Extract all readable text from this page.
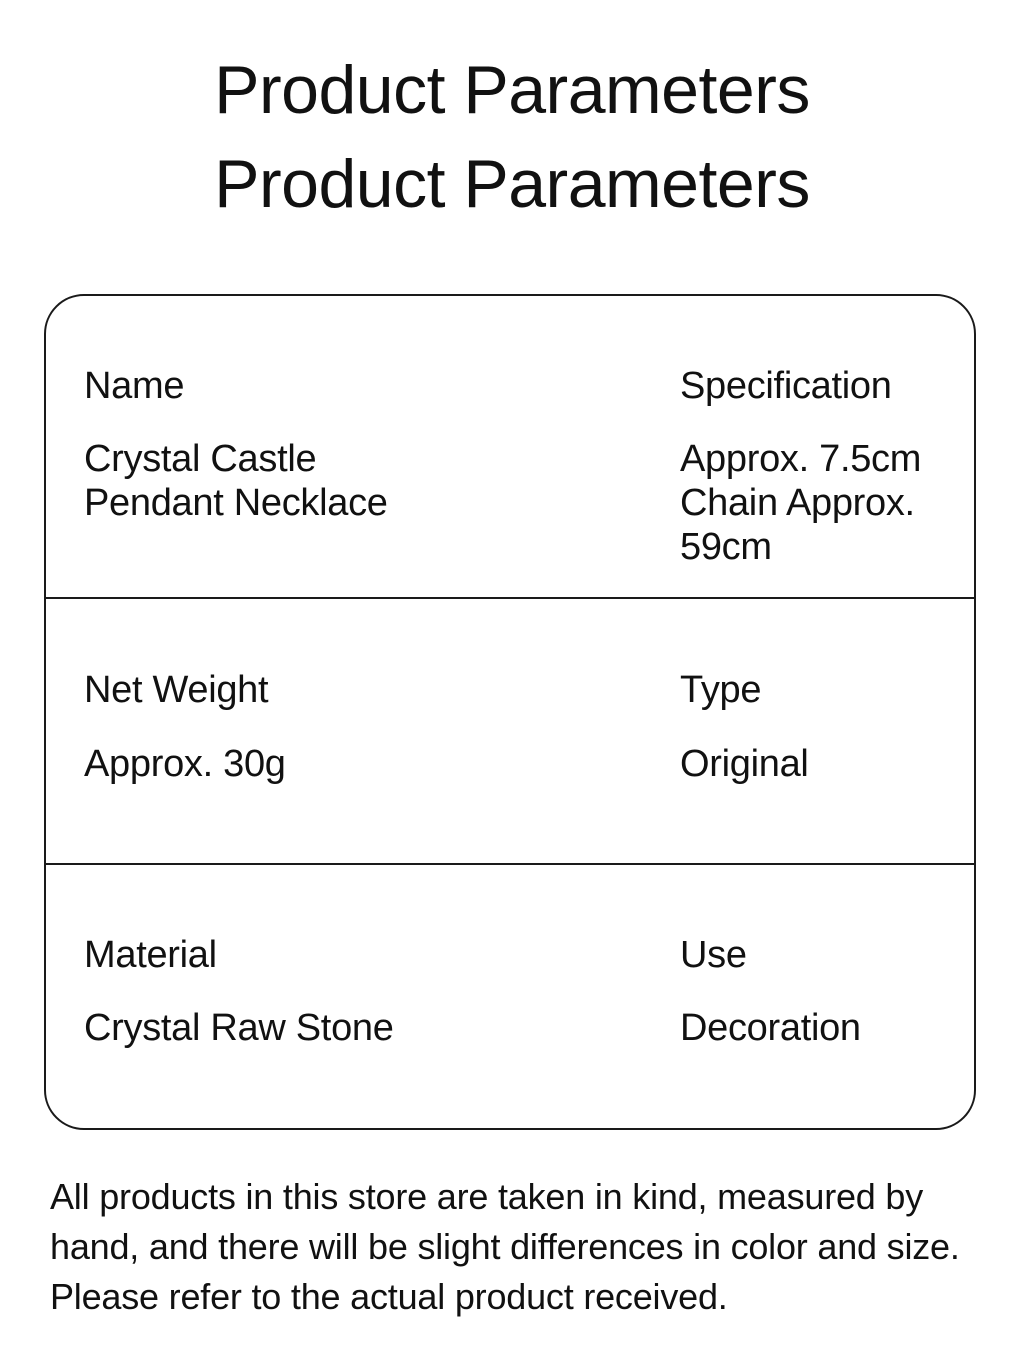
Product Parameters
Product Parameters
Name
Crystal Castle
Pendant Necklace
Specification
Approx. 7.5cm
Chain Approx.
59cm
Net Weight
Approx. 30g
Type
Original
Material
Crystal Raw Stone
Use
Decoration

All products in this store are taken in kind, measured by hand, and there will be slight differences in color and size. Please refer to the actual product received.
